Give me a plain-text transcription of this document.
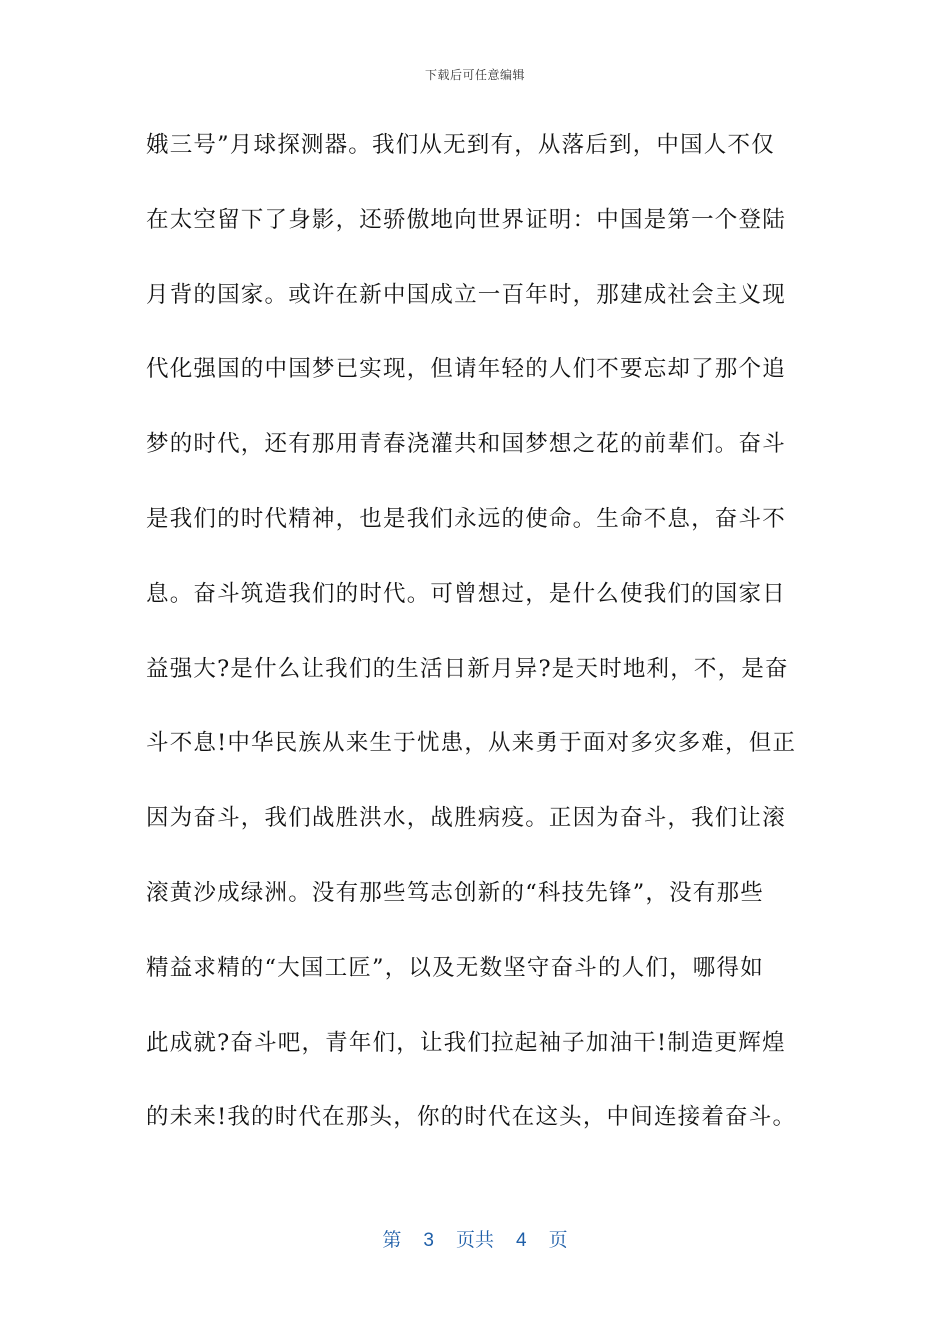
下载后可任意编辑
娥三号”月球探测器。我们从无到有，从落后到，中国人不仅
在太空留下了身影，还骄傲地向世界证明：中国是第一个登陆
月背的国家。或许在新中国成立一百年时，那建成社会主义现
代化强国的中国梦已实现，但请年轻的人们不要忘却了那个追
梦的时代，还有那用青春浇灌共和国梦想之花的前辈们。奋斗
是我们的时代精神，也是我们永远的使命。生命不息，奋斗不
息。奋斗筑造我们的时代。可曾想过，是什么使我们的国家日
益强大?是什么让我们的生活日新月异?是天时地利，不，是奋
斗不息!中华民族从来生于忧患，从来勇于面对多灾多难，但正
因为奋斗，我们战胜洪水，战胜病疫。正因为奋斗，我们让滚
滚黄沙成绿洲。没有那些笃志创新的“科技先锋”，没有那些
精益求精的“大国工匠”，以及无数坚守奋斗的人们，哪得如
此成就?奋斗吧，青年们，让我们拉起袖子加油干!制造更辉煌
的未来!我的时代在那头，你的时代在这头，中间连接着奋斗。
第 3 页共 4 页
